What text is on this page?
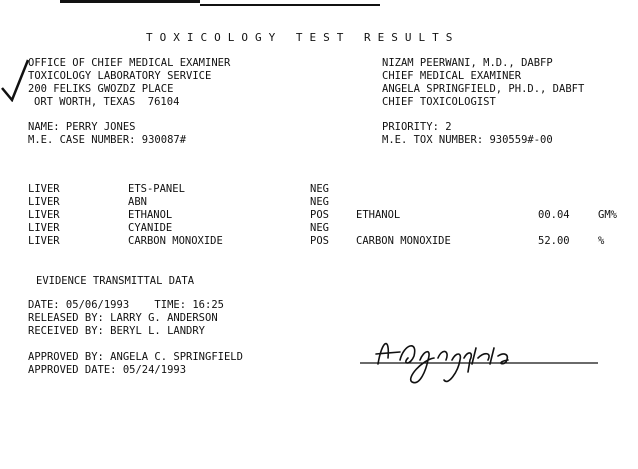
TOXICOLOGY TEST RESULTS
OFFICE OF CHIEF MEDICAL EXAMINER
TOXICOLOGY LABORATORY SERVICE
200 FELIKS GWOZDZ PLACE
ORT WORTH, TEXAS  76104
NIZAM PEERWANI, M.D., DABFP
CHIEF MEDICAL EXAMINER
ANGELA SPRINGFIELD, PH.D., DABFT
CHIEF TOXICOLOGIST
NAME: PERRY JONES
M.E. CASE NUMBER: 930087#
PRIORITY: 2
M.E. TOX NUMBER: 930559#-00
LIVER	ETS-PANEL	NEG
LIVER	ABN	NEG
LIVER	ETHANOL	POS	ETHANOL	00.04	GM%
LIVER	CYANIDE	NEG
LIVER	CARBON MONOXIDE	POS	CARBON MONOXIDE	52.00	%
EVIDENCE TRANSMITTAL DATA
DATE: 05/06/1993    TIME: 16:25
RELEASED BY: LARRY G. ANDERSON
RECEIVED BY: BERYL L. LANDRY
APPROVED BY: ANGELA C. SPRINGFIELD
APPROVED DATE: 05/24/1993
